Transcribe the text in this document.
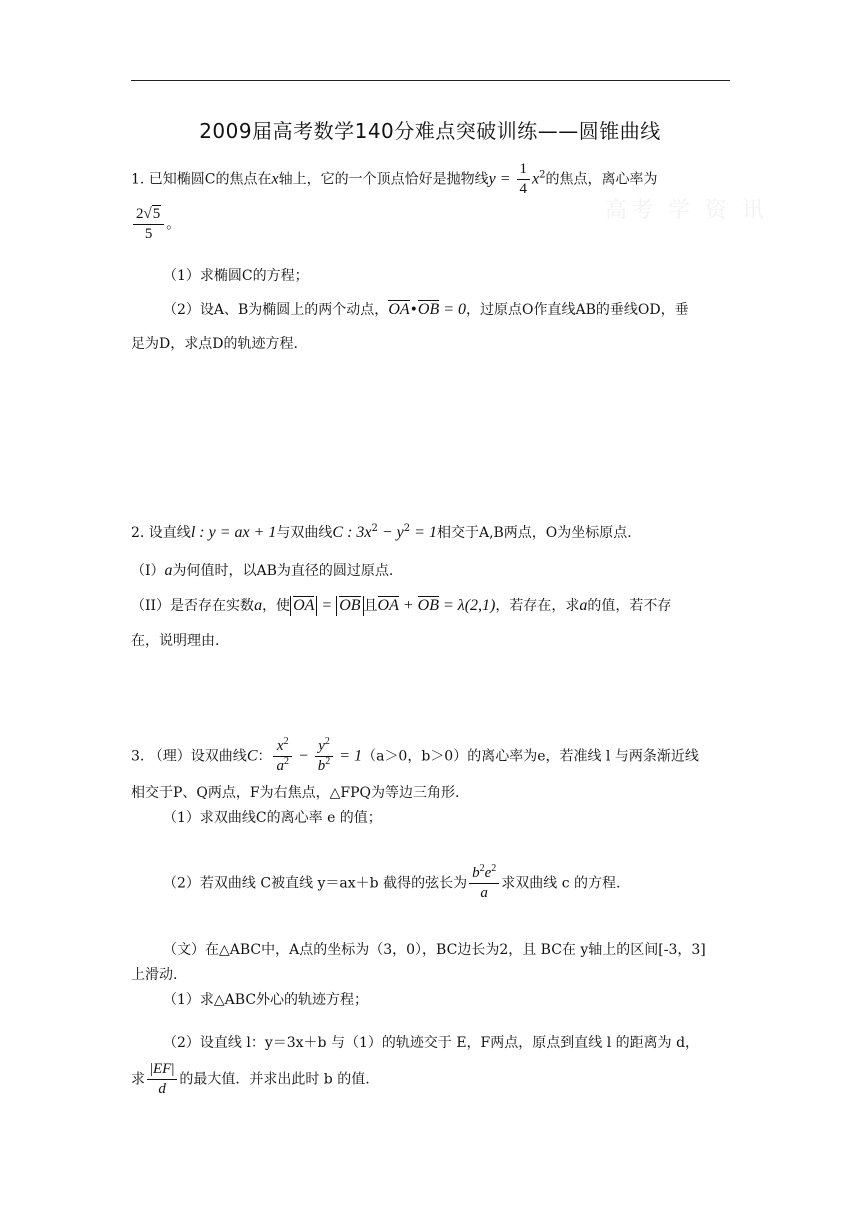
高考 学 资 讯
2009届高考数学140分难点突破训练——圆锥曲线
1. 已知椭圆C的焦点在x轴上，它的一个顶点恰好是抛物线$y = \frac{1}{4} x^2$的焦点，离心率为
$\frac{2√5}{5}$ 。
（1）求椭圆C的方程；
（2）设A、B为椭圆上的两个动点，OA•OB = 0，过原点O作直线AB的垂线OD，垂
足为D，求点D的轨迹方程.
2. 设直线l : y = ax + 1与双曲线C : $3x^2 - y^2 = 1$相交于A,B两点，O为坐标原点.
（I）a为何值时，以AB为直径的圆过原点.
（II）是否存在实数a，使 OA = OB 且OA + OB = λ(2,1)，若存在，求a的值，若不存
在，说明理由.
3. （理）设双曲线C： $\frac{x^2}{a^2} - \frac{y^2}{b^2} = 1(a>0$，b＞0）的离心率为e，若准线 l 与两条渐近线
相交于P、Q两点，F为右焦点，△FPQ为等边三角形.
（1）求双曲线C的离心率 e 的值；
（2）若双曲线 C被直线 y＝ax＋b 截得的弦长为 $\frac{b^2e^2}{a}$ 求双曲线 c 的方程.
（文）在△ABC中，A点的坐标为（3，0），BC边长为2，且 BC在 y轴上的区间[-3，3]
上滑动.
（1）求△ABC外心的轨迹方程；
（2）设直线 l：y＝3x＋b 与（1）的轨迹交于 E，F两点，原点到直线 l 的距离为 d，
求 $\frac{|EF|}{d}$ 的最大值．并求出此时 b 的值.
